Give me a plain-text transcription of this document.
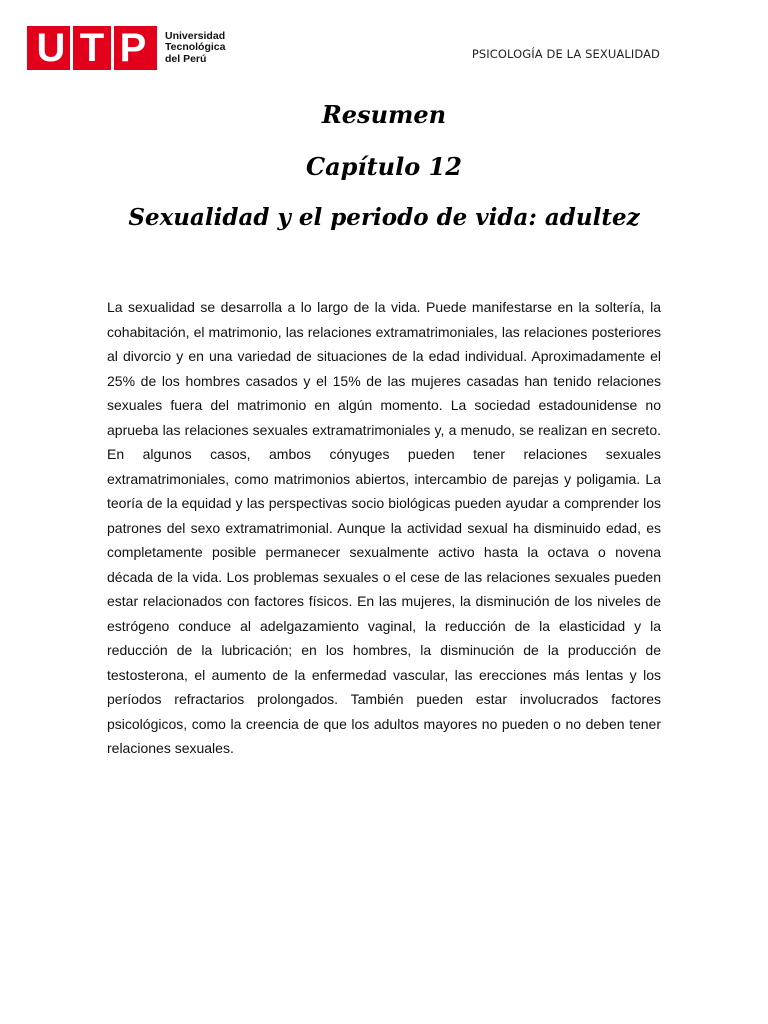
U T P	Universidad
Tecnológica
del Perú	PSICOLOGÍA DE LA SEXUALIDAD
Resumen
Capítulo 12
Sexualidad y el periodo de vida: adultez

La sexualidad se desarrolla a lo largo de la vida. Puede manifestarse en la soltería, la cohabitación, el matrimonio, las relaciones extramatrimoniales, las relaciones posteriores al divorcio y en una variedad de situaciones de la edad individual. Aproximadamente el 25% de los hombres casados y el 15% de las mujeres casadas han tenido relaciones sexuales fuera del matrimonio en algún momento. La sociedad estadounidense no aprueba las relaciones sexuales extramatrimoniales y, a menudo, se realizan en secreto. En algunos casos, ambos cónyuges pueden tener relaciones sexuales extramatrimoniales, como matrimonios abiertos, intercambio de parejas y poligamia. La teoría de la equidad y las perspectivas socio biológicas pueden ayudar a comprender los patrones del sexo extramatrimonial. Aunque la actividad sexual ha disminuido edad, es completamente posible permanecer sexualmente activo hasta la octava o novena década de la vida. Los problemas sexuales o el cese de las relaciones sexuales pueden estar relacionados con factores físicos. En las mujeres, la disminución de los niveles de estrógeno conduce al adelgazamiento vaginal, la reducción de la elasticidad y la reducción de la lubricación; en los hombres, la disminución de la producción de testosterona, el aumento de la enfermedad vascular, las erecciones más lentas y los períodos refractarios prolongados. También pueden estar involucrados factores psicológicos, como la creencia de que los adultos mayores no pueden o no deben tener relaciones sexuales.
